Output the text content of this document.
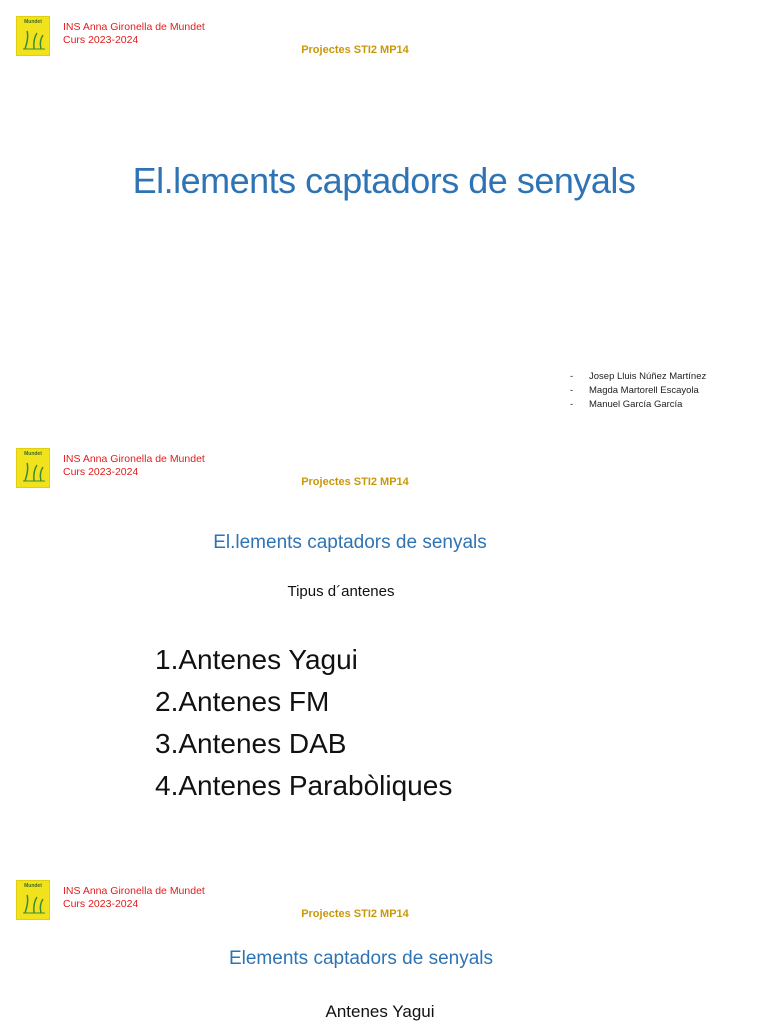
Mundet	INS Anna Gironella de Mundet
Curs 2023-2024
Projectes STI2 MP14
El.lements captadors de senyals
- Josep Lluis Núñez Martínez
- Magda Martorell Escayola
- Manuel García García
Mundet	INS Anna Gironella de Mundet
Curs 2023-2024
Projectes STI2 MP14
El.lements captadors de senyals
Tipus d´antenes
1.Antenes Yagui
2.Antenes FM
3.Antenes DAB
4.Antenes Parabòliques
Mundet	INS Anna Gironella de Mundet
Curs 2023-2024
Projectes STI2 MP14
Elements captadors de senyals
Antenes Yagui
